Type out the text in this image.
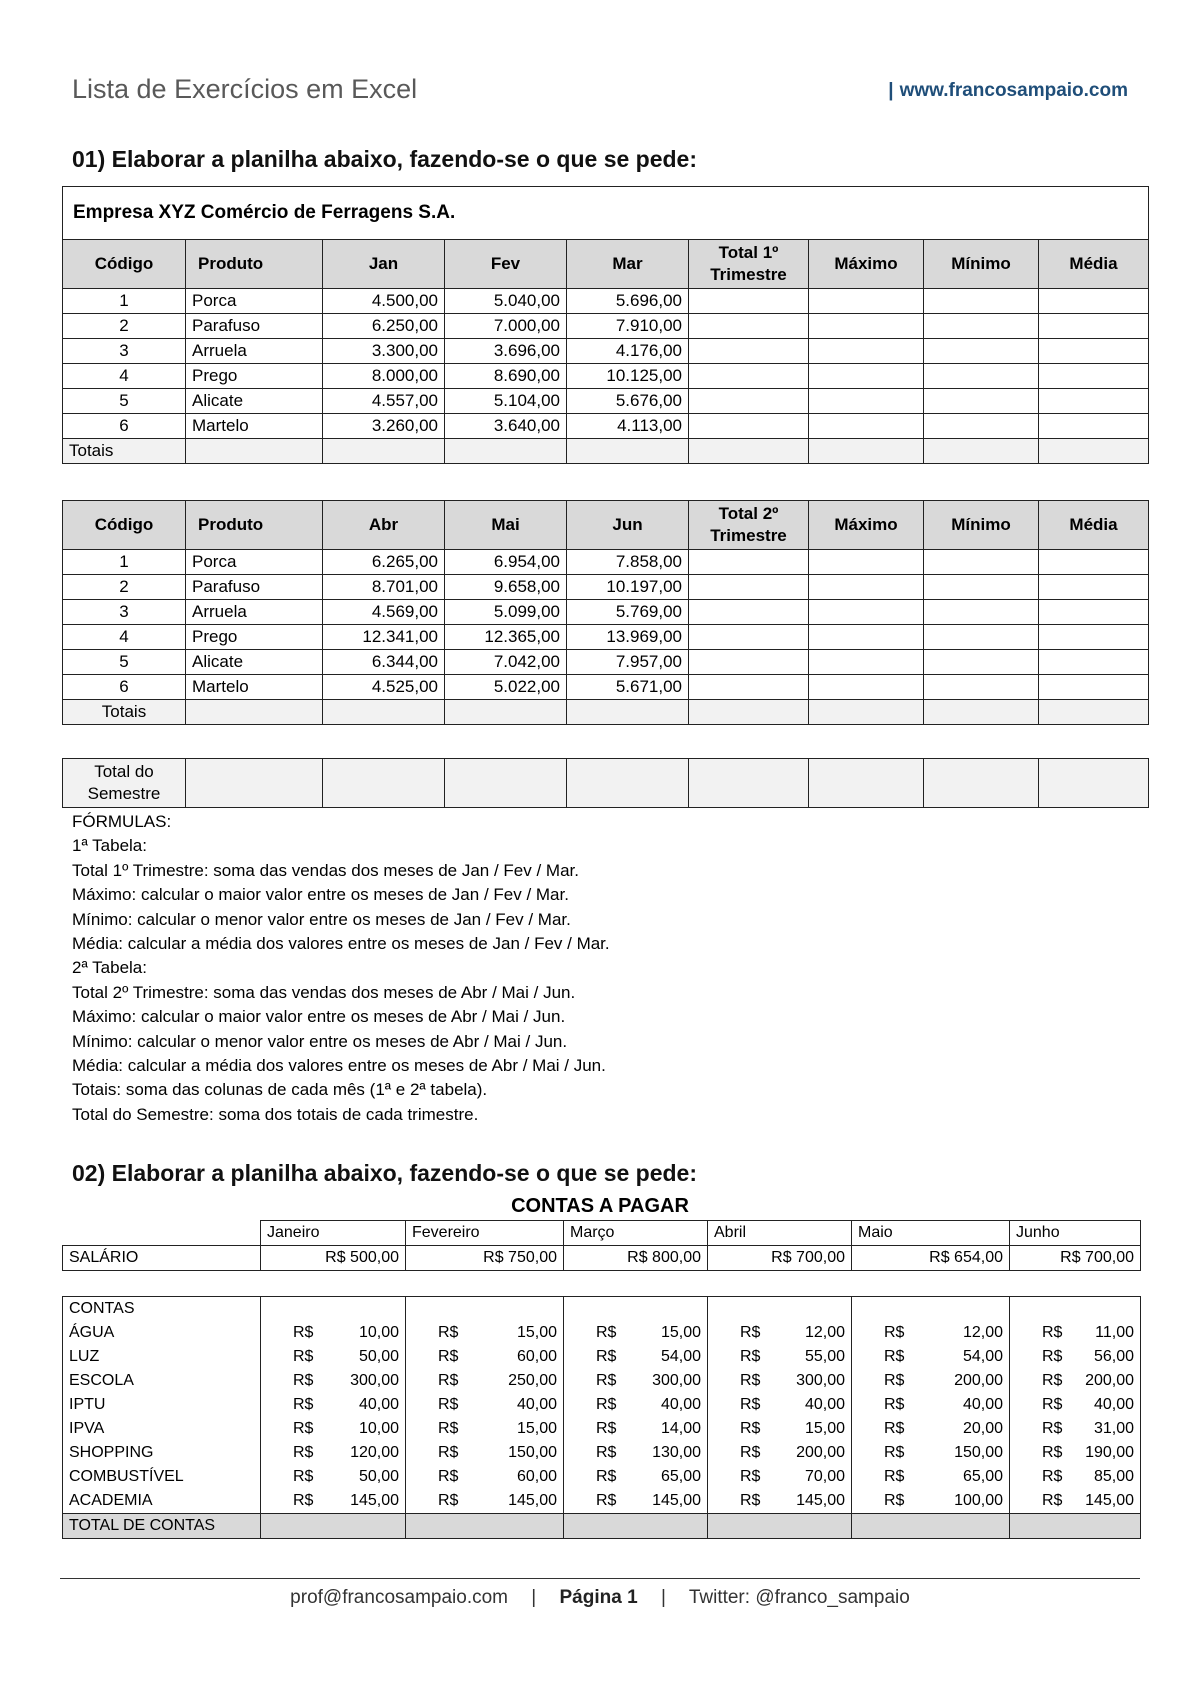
Lista de Exercícios em Excel	| www.francosampaio.com
01) Elaborar a planilha abaixo, fazendo-se o que se pede:
Empresa XYZ Comércio de Ferragens S.A.								
Código	Produto	Jan	Fev	Mar	Total 1º Trimestre	Máximo	Mínimo	Média
1	Porca	4.500,00	5.040,00	5.696,00				
2	Parafuso	6.250,00	7.000,00	7.910,00				
3	Arruela	3.300,00	3.696,00	4.176,00				
4	Prego	8.000,00	8.690,00	10.125,00				
5	Alicate	4.557,00	5.104,00	5.676,00				
6	Martelo	3.260,00	3.640,00	4.113,00				
Totais								
Código	Produto	Abr	Mai	Jun	Total 2º Trimestre	Máximo	Mínimo	Média
1	Porca	6.265,00	6.954,00	7.858,00				
2	Parafuso	8.701,00	9.658,00	10.197,00				
3	Arruela	4.569,00	5.099,00	5.769,00				
4	Prego	12.341,00	12.365,00	13.969,00				
5	Alicate	6.344,00	7.042,00	7.957,00				
6	Martelo	4.525,00	5.022,00	5.671,00				
Totais								
Total do Semestre								
FÓRMULAS:
1ª Tabela:
Total 1º Trimestre: soma das vendas dos meses de Jan / Fev / Mar.
Máximo: calcular o maior valor entre os meses de Jan / Fev / Mar.
Mínimo: calcular o menor valor entre os meses de Jan / Fev / Mar.
Média: calcular a média dos valores entre os meses de Jan / Fev / Mar.
2ª Tabela:
Total 2º Trimestre: soma das vendas dos meses de Abr / Mai / Jun.
Máximo: calcular o maior valor entre os meses de Abr / Mai / Jun.
Mínimo: calcular o menor valor entre os meses de Abr / Mai / Jun.
Média: calcular a média dos valores entre os meses de Abr / Mai / Jun.
Totais: soma das colunas de cada mês (1ª e 2ª tabela).
Total do Semestre: soma dos totais de cada trimestre.
02) Elaborar a planilha abaixo, fazendo-se o que se pede:
CONTAS A PAGAR
	Janeiro	Fevereiro	Março	Abril	Maio	Junho
SALÁRIO	R$ 500,00	R$ 750,00	R$ 800,00	R$ 700,00	R$ 654,00	R$ 700,00
CONTAS						
ÁGUA	R$ 10,00	R$ 15,00	R$ 15,00	R$ 12,00	R$ 12,00	R$ 11,00

LUZ	R$ 50,00	R$ 60,00	R$ 54,00	R$ 55,00	R$ 54,00	R$ 56,00

ESCOLA	R$ 300,00	R$ 250,00	R$ 300,00	R$ 300,00	R$ 200,00	R$ 200,00

IPTU	R$ 40,00	R$ 40,00	R$ 40,00	R$ 40,00	R$ 40,00	R$ 40,00

IPVA	R$ 10,00	R$ 15,00	R$ 14,00	R$ 15,00	R$ 20,00	R$ 31,00

SHOPPING	R$ 120,00	R$ 150,00	R$ 130,00	R$ 200,00	R$ 150,00	R$ 190,00

COMBUSTÍVEL	R$ 50,00	R$ 60,00	R$ 65,00	R$ 70,00	R$ 65,00	R$ 85,00

ACADEMIA	R$ 145,00	R$ 145,00	R$ 145,00	R$ 145,00	R$ 100,00	R$ 145,00

TOTAL DE CONTAS						
prof@francosampaio.com | Página 1 | Twitter: @franco_sampaio
